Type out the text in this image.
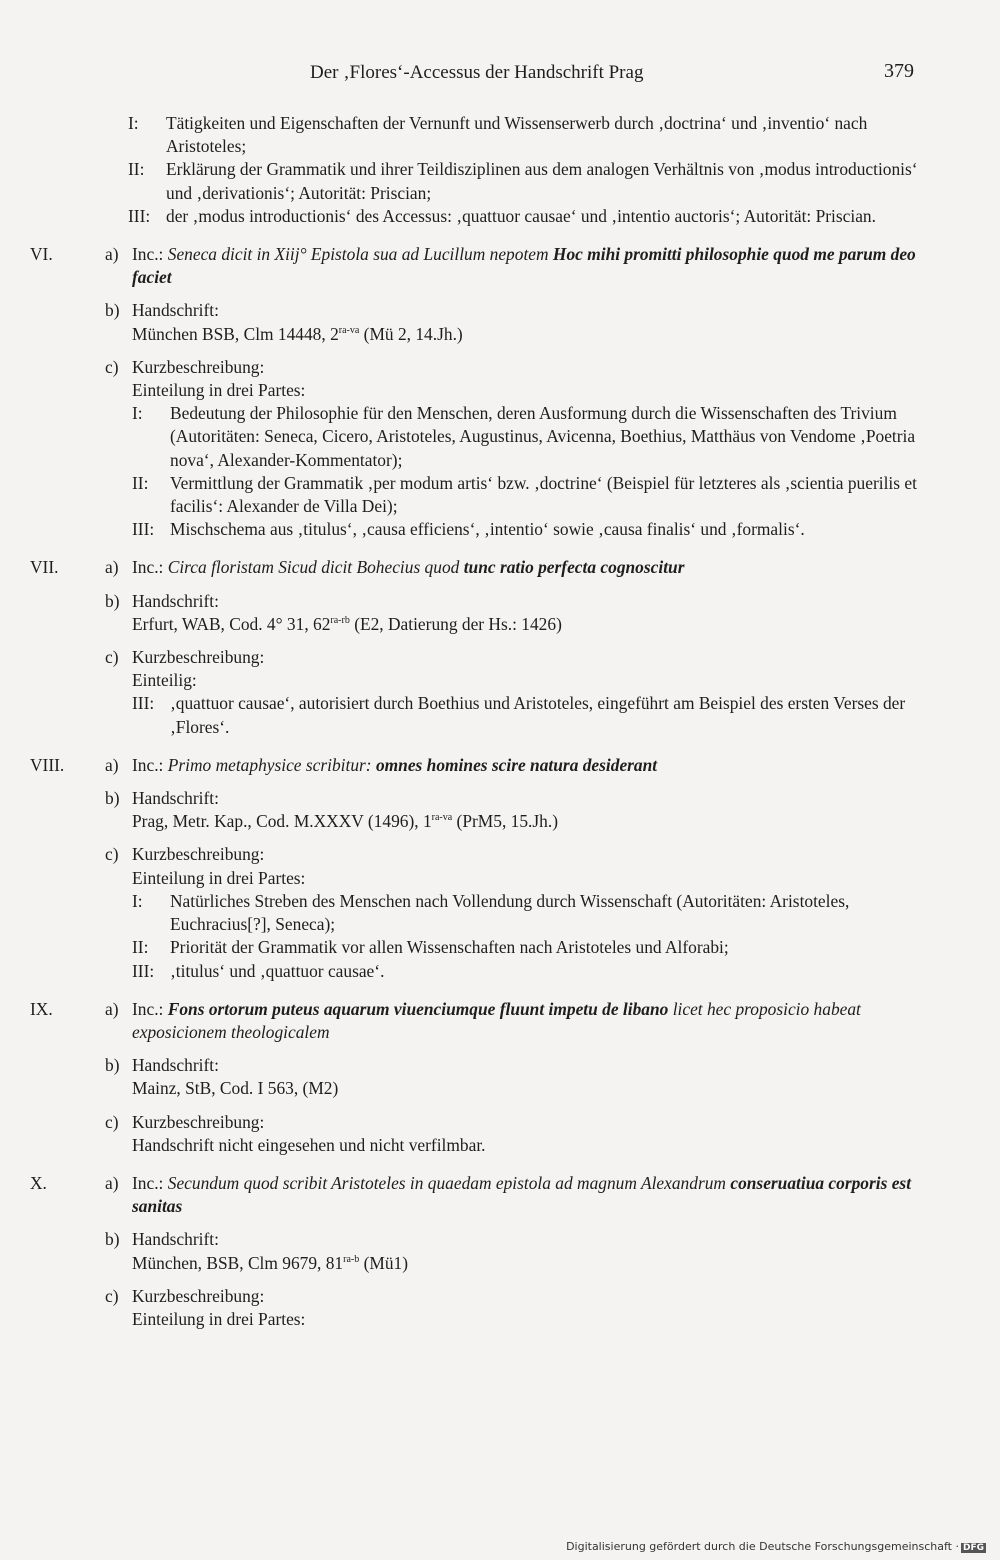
Der ‚Flores‘-Accessus der Handschrift Prag	379
I: Tätigkeiten und Eigenschaften der Vernunft und Wissenserwerb durch ‚doctrina‘ und ‚inventio‘ nach Aristoteles;
II: Erklärung der Grammatik und ihrer Teildisziplinen aus dem analogen Verhältnis von ‚modus introductionis‘ und ‚derivationis‘; Autorität: Priscian;
III: der ‚modus introductionis‘ des Accessus: ‚quattuor causae‘ und ‚intentio auctoris‘; Autorität: Priscian.
VI.	a) Inc.: Seneca dicit in Xiij° Epistola sua ad Lucillum nepotem Hoc mihi promitti philosophie quod me parum deo faciet
b) Handschrift:
München BSB, Clm 14448, $2^{ra-va}$ (Mü 2, 14.Jh.)
c) Kurzbeschreibung:
Einteilung in drei Partes:
I: Bedeutung der Philosophie für den Menschen, deren Ausformung durch die Wissenschaften des Trivium (Autoritäten: Seneca, Cicero, Aristoteles, Augustinus, Avicenna, Boethius, Matthäus von Vendome ‚Poetria nova‘, Alexander-Kommentator);
II: Vermittlung der Grammatik ‚per modum artis‘ bzw. ‚doctrine‘ (Beispiel für letzteres als ‚scientia puerilis et facilis‘: Alexander de Villa Dei);
III: Mischschema aus ‚titulus‘, ‚causa efficiens‘, ‚intentio‘ sowie ‚causa finalis‘ und ‚formalis‘.
VII.	a) Inc.: Circa floristam Sicud dicit Bohecius quod tunc ratio perfecta cognoscitur
b) Handschrift:
Erfurt, WAB, Cod. 4° 31, $62^{ra-rb}$ (E2, Datierung der Hs.: 1426)
c) Kurzbeschreibung:
Einteilig:
III: ‚quattuor causae‘, autorisiert durch Boethius und Aristoteles, eingeführt am Beispiel des ersten Verses der ‚Flores‘.
VIII. a) Inc.: Primo metaphysice scribitur: omnes homines scire natura desiderant
b) Handschrift:
Prag, Metr. Kap., Cod. M.XXXV (1496), $1^{ra-va}$ (PrM5, 15.Jh.)
c) Kurzbeschreibung:
Einteilung in drei Partes:
I: Natürliches Streben des Menschen nach Vollendung durch Wissenschaft (Autoritäten: Aristoteles, Euchracius[?], Seneca);
II: Priorität der Grammatik vor allen Wissenschaften nach Aristoteles und Alforabi;
III: ‚titulus‘ und ‚quattuor causae‘.
IX.	a) Inc.: Fons ortorum puteus aquarum viuenciumque fluunt impetu de libano licet hec proposicio habeat exposicionem theologicalem
b) Handschrift:
Mainz, StB, Cod. I 563, (M2)
c) Kurzbeschreibung:
Handschrift nicht eingesehen und nicht verfilmbar.
X.	a) Inc.: Secundum quod scribit Aristoteles in quaedam epistola ad magnum Alexandrum conseruatiua corporis est sanitas
b) Handschrift:
München, BSB, Clm 9679, $81^{ra-b}$ (Mü1)
c) Kurzbeschreibung:
Einteilung in drei Partes:
Digitalisierung gefördert durch die Deutsche Forschungsgemeinschaft · DFG
